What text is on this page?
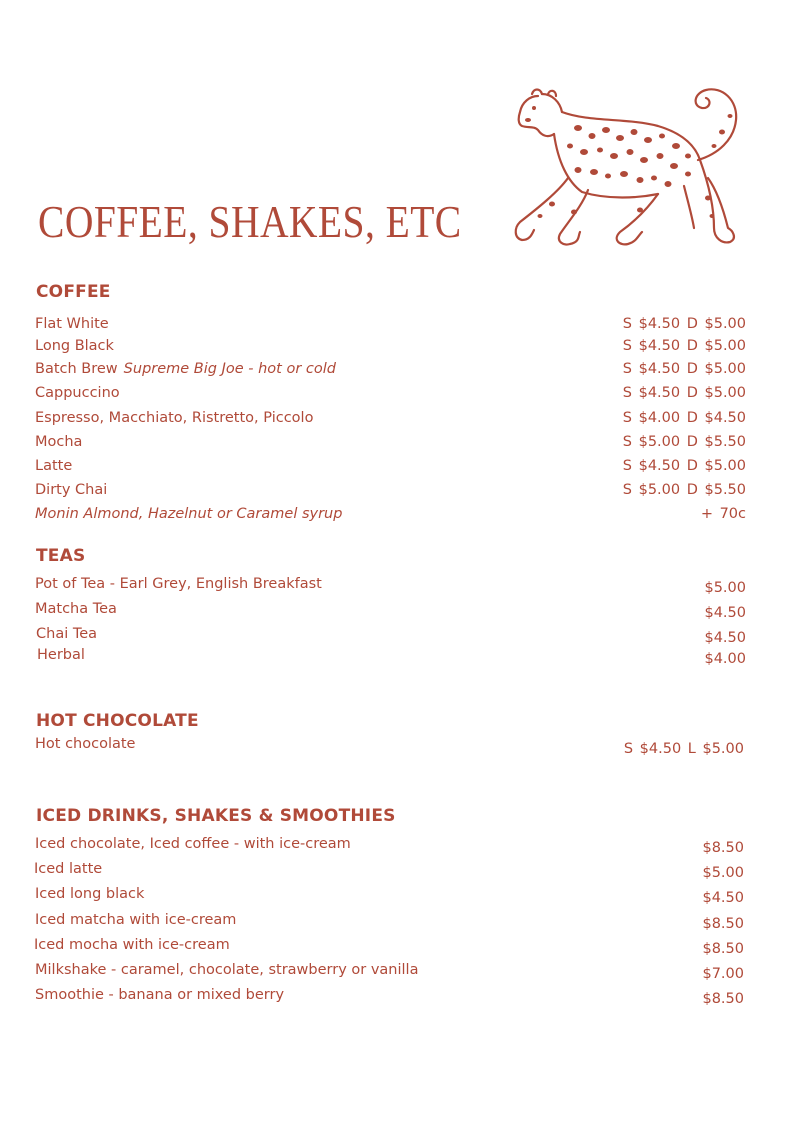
COFFEE, SHAKES, ETC
COFFEE
Flat White	S $4.50 D $5.00
Long Black	S $4.50 D $5.00
Batch Brew Supreme Big Joe - hot or cold	S $4.50 D $5.00
Cappuccino	S $4.50 D $5.00
Espresso, Macchiato, Ristretto, Piccolo	S $4.00 D $4.50
Mocha	S $5.00 D $5.50
Latte	S $4.50 D $5.00
Dirty Chai	S $5.00 D $5.50
Monin Almond, Hazelnut or Caramel syrup	+ 70c
TEAS
Pot of Tea - Earl Grey, English Breakfast	$5.00
Matcha Tea	$4.50
Chai Tea	$4.50
Herbal	$4.00
HOT CHOCOLATE
Hot chocolate	S $4.50 L $5.00
ICED DRINKS, SHAKES & SMOOTHIES
Iced chocolate, Iced coffee - with ice-cream	$8.50
Iced latte	$5.00
Iced long black	$4.50
Iced matcha with ice-cream	$8.50
Iced mocha with ice-cream	$8.50
Milkshake - caramel, chocolate, strawberry or vanilla	$7.00
Smoothie - banana or mixed berry	$8.50
